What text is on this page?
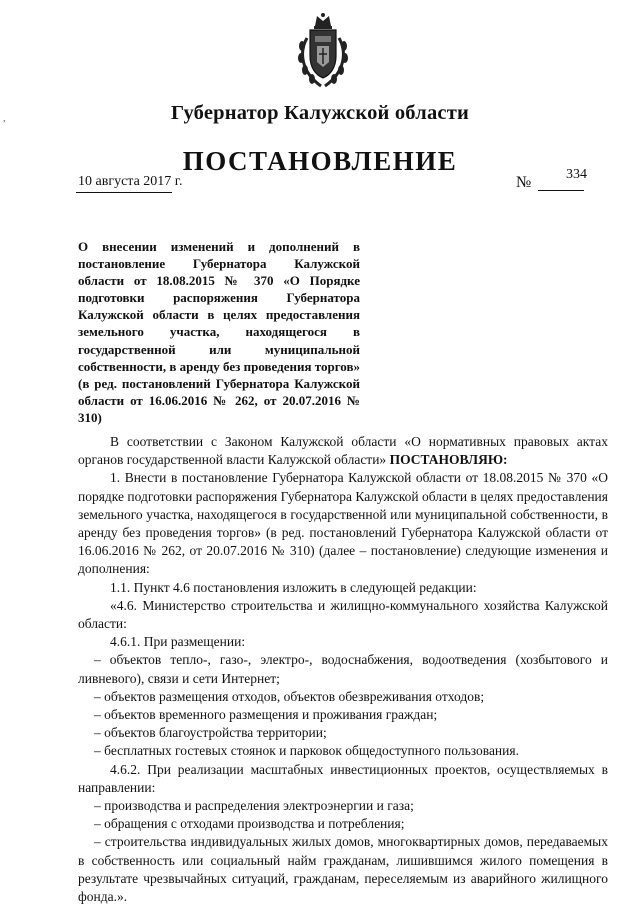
,	Губернатор Калужской области
ПОСТАНОВЛЕНИЕ
10 августа 2017 г.	№ 334
О внесении изменений и дополнений в постановление Губернатора Калужской области от 18.08.2015 № 370 «О Порядке подготовки распоряжения Губернатора Калужской области в целях предоставления земельного участка, находящегося в государственной или муниципальной собственности, в аренду без проведения торгов» (в ред. постановлений Губернатора Калужской области от 16.06.2016 № 262, от 20.07.2016 № 310)

В соответствии с Законом Калужской области «О нормативных правовых актах органов государственной власти Калужской области» ПОСТАНОВЛЯЮ:

1. Внести в постановление Губернатора Калужской области от 18.08.2015 № 370 «О порядке подготовки распоряжения Губернатора Калужской области в целях предоставления земельного участка, находящегося в государственной или муниципальной собственности, в аренду без проведения торгов» (в ред. постановлений Губернатора Калужской области от 16.06.2016 № 262, от 20.07.2016 № 310) (далее – постановление) следующие изменения и дополнения:

1.1. Пункт 4.6 постановления изложить в следующей редакции:

«4.6. Министерство строительства и жилищно-коммунального хозяйства Калужской области:

4.6.1. При размещении:

– объектов тепло-, газо-, электро-, водоснабжения, водоотведения (хозбытового и ливневого), связи и сети Интернет;

– объектов размещения отходов, объектов обезвреживания отходов;

– объектов временного размещения и проживания граждан;

– объектов благоустройства территории;

– бесплатных гостевых стоянок и парковок общедоступного пользования.

4.6.2. При реализации масштабных инвестиционных проектов, осуществляемых в направлении:

– производства и распределения электроэнергии и газа;

– обращения с отходами производства и потребления;

– строительства индивидуальных жилых домов, многоквартирных домов, передаваемых в собственность или социальный найм гражданам, лишившимся жилого помещения в результате чрезвычайных ситуаций, гражданам, переселяемым из аварийного жилищного фонда.».
